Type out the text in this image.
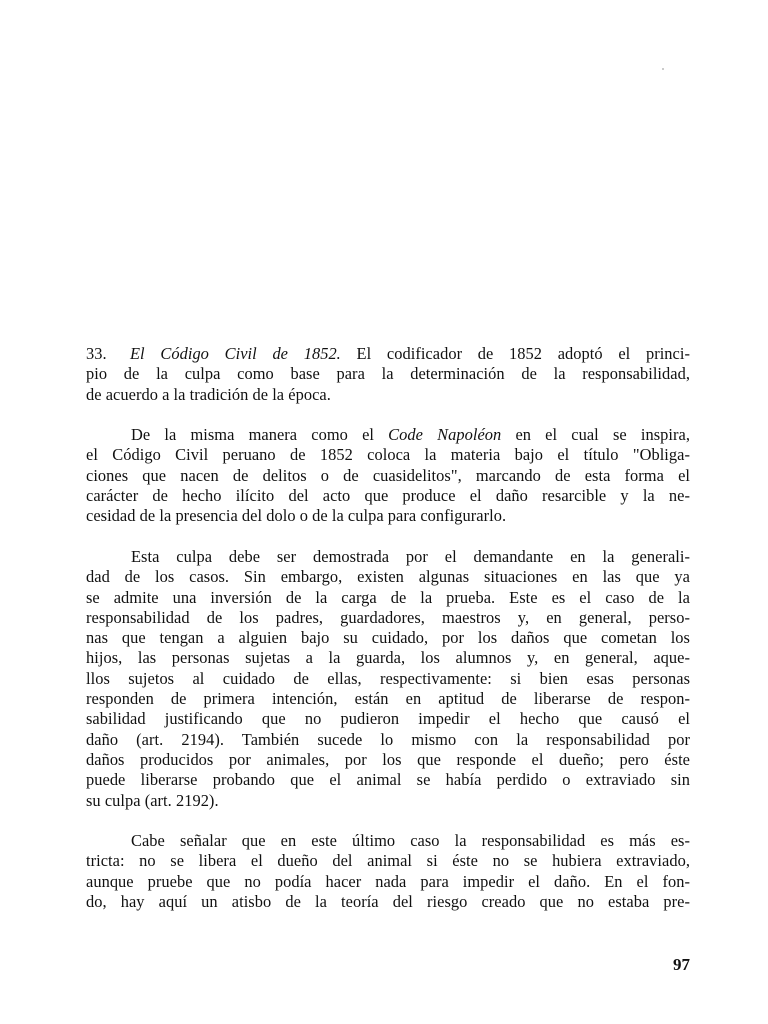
33. El Código Civil de 1852. El codificador de 1852 adoptó el princi-
pio de la culpa como base para la determinación de la responsabilidad,
de acuerdo a la tradición de la época.
De la misma manera como el Code Napoléon en el cual se inspira,
el Código Civil peruano de 1852 coloca la materia bajo el título "Obliga-
ciones que nacen de delitos o de cuasidelitos", marcando de esta forma el
carácter de hecho ilícito del acto que produce el daño resarcible y la ne-
cesidad de la presencia del dolo o de la culpa para configurarlo.
Esta culpa debe ser demostrada por el demandante en la generali-
dad de los casos. Sin embargo, existen algunas situaciones en las que ya
se admite una inversión de la carga de la prueba. Este es el caso de la
responsabilidad de los padres, guardadores, maestros y, en general, perso-
nas que tengan a alguien bajo su cuidado, por los daños que cometan los
hijos, las personas sujetas a la guarda, los alumnos y, en general, aque-
llos sujetos al cuidado de ellas, respectivamente: si bien esas personas
responden de primera intención, están en aptitud de liberarse de respon-
sabilidad justificando que no pudieron impedir el hecho que causó el
daño (art. 2194). También sucede lo mismo con la responsabilidad por
daños producidos por animales, por los que responde el dueño; pero éste
puede liberarse probando que el animal se había perdido o extraviado sin
su culpa (art. 2192).
Cabe señalar que en este último caso la responsabilidad es más es-
tricta: no se libera el dueño del animal si éste no se hubiera extraviado,
aunque pruebe que no podía hacer nada para impedir el daño. En el fon-
do, hay aquí un atisbo de la teoría del riesgo creado que no estaba pre-
97
